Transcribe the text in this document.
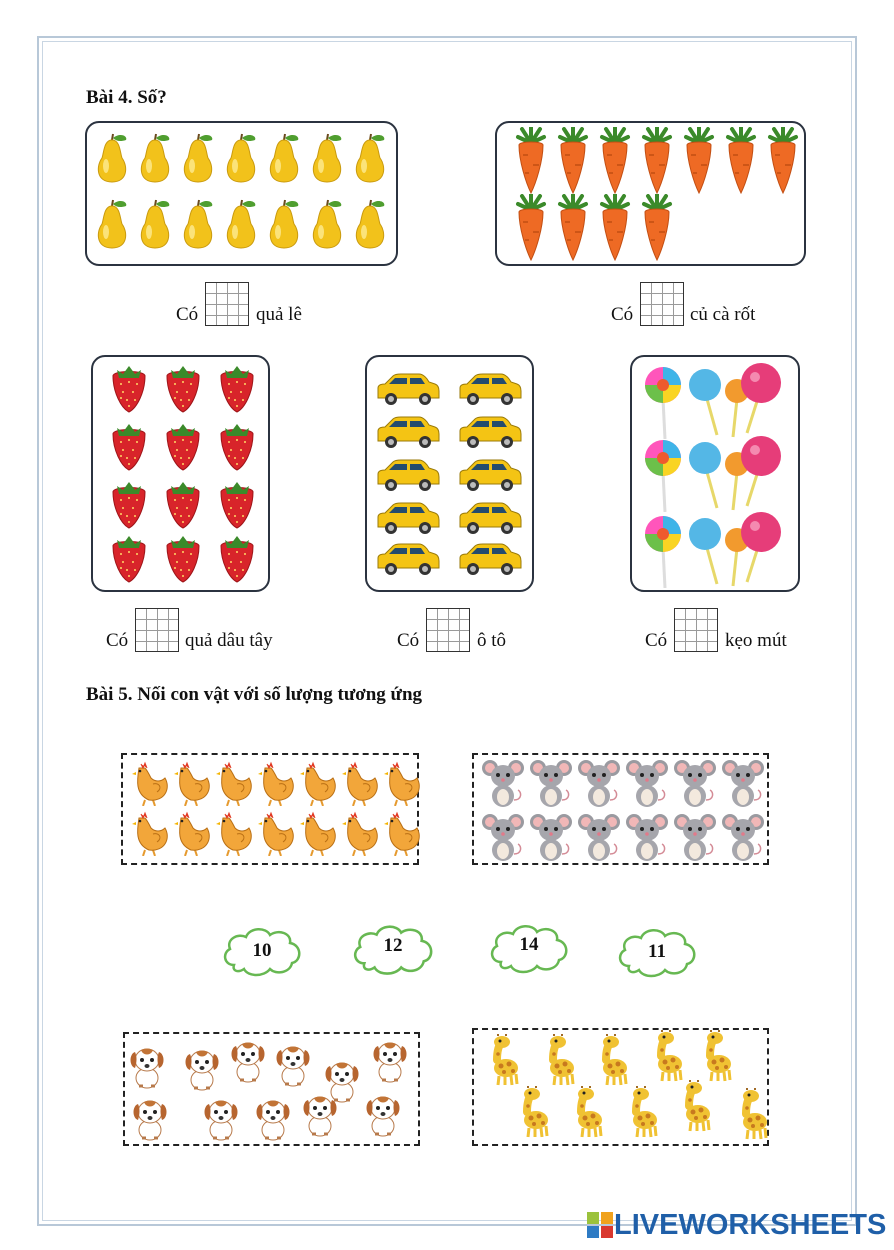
Bài 4. Số?
Có	quả lê	Có	củ cà rốt
Có	quả dâu tây	Có	ô tô	Có	kẹo mút
Bài 5. Nối con vật với số lượng tương ứng
10	12	14	11
LIVEWORKSHEETS
